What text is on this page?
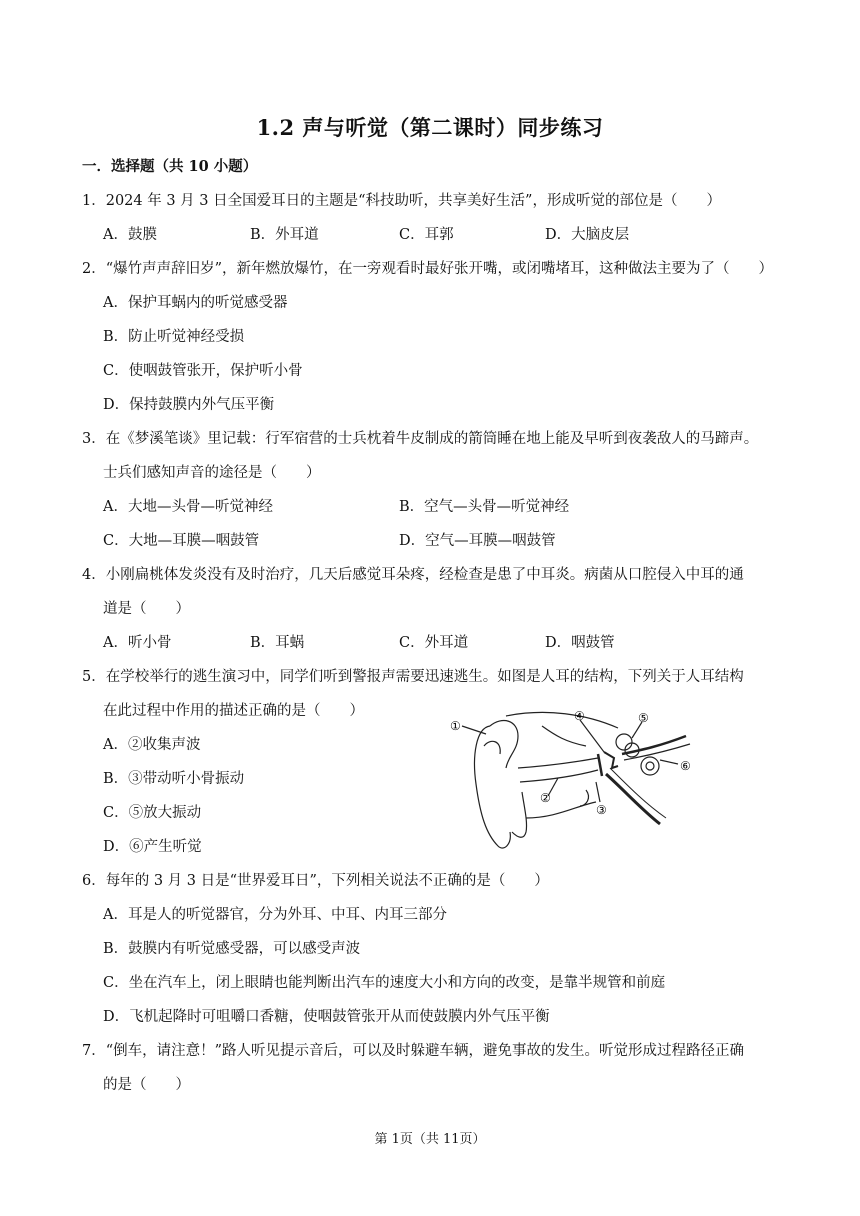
1.2 声与听觉（第二课时）同步练习
一．选择题（共 10 小题）
1．2024 年 3 月 3 日全国爱耳日的主题是“科技助听，共享美好生活”，形成听觉的部位是（　　）
A．鼓膜	B．外耳道	C．耳郭	D．大脑皮层
2．“爆竹声声辞旧岁”，新年燃放爆竹，在一旁观看时最好张开嘴，或闭嘴堵耳，这种做法主要为了（　　）
A．保护耳蜗内的听觉感受器
B．防止听觉神经受损
C．使咽鼓管张开，保护听小骨
D．保持鼓膜内外气压平衡
3．在《梦溪笔谈》里记载：行军宿营的士兵枕着牛皮制成的箭筒睡在地上能及早听到夜袭敌人的马蹄声。
士兵们感知声音的途径是（　　）
A．大地—头骨—听觉神经	B．空气—头骨—听觉神经
C．大地—耳膜—咽鼓管	D．空气—耳膜—咽鼓管
4．小刚扁桃体发炎没有及时治疗，几天后感觉耳朵疼，经检查是患了中耳炎。病菌从口腔侵入中耳的通
道是（　　）
A．听小骨	B．耳蜗	C．外耳道	D．咽鼓管
5．在学校举行的逃生演习中，同学们听到警报声需要迅速逃生。如图是人耳的结构，下列关于人耳结构
在此过程中作用的描述正确的是（　　）
A．②收集声波
B．③带动听小骨振动
C．⑤放大振动
D．⑥产生听觉
①
②
③
④	⑤
⑥
6．每年的 3 月 3 日是“世界爱耳日”，下列相关说法不正确的是（　　）
A．耳是人的听觉器官，分为外耳、中耳、内耳三部分
B．鼓膜内有听觉感受器，可以感受声波
C．坐在汽车上，闭上眼睛也能判断出汽车的速度大小和方向的改变，是靠半规管和前庭
D．飞机起降时可咀嚼口香糖，使咽鼓管张开从而使鼓膜内外气压平衡
7．“倒车，请注意！”路人听见提示音后，可以及时躲避车辆，避免事故的发生。听觉形成过程路径正确
的是（　　）
第 1页（共 11页）
